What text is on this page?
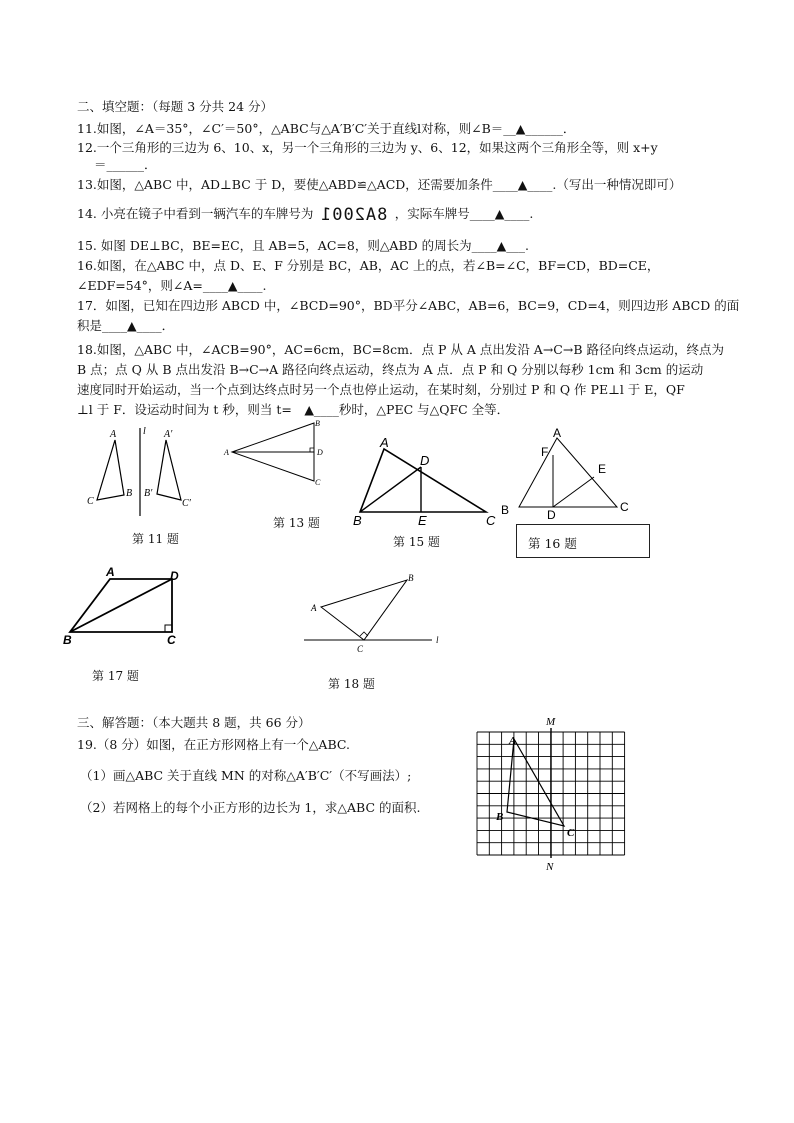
二、填空题：（每题 3 分共 24 分）
11.如图，∠A＝35°，∠C′＝50°，△ABC与△A′B′C′关于直线l对称，则∠B＝__▲______．
12.一个三角形的三边为 6、10、x，另一个三角形的三边为 y、6、12，如果这两个三角形全等，则 x+y
＝______．
13.如图，△ABC 中，AD⊥BC 于 D，要使△ABD≌△ACD，还需要加条件____▲____.（写出一种情况即可）
14. 小亮在镜子中看到一辆汽车的车牌号为 8A2001 ，实际车牌号____▲____.
15. 如图 DE⊥BC，BE=EC，且 AB=5，AC=8，则△ABD 的周长为____▲___.
16.如图，在△ABC 中，点 D、E、F 分别是 BC，AB，AC 上的点，若∠B=∠C，BF=CD，BD=CE，
∠EDF=54°，则∠A=____▲____.
17．如图，已知在四边形 ABCD 中，∠BCD=90°，BD平分∠ABC，AB=6，BC=9，CD=4，则四边形 ABCD 的面
积是____▲____．
18.如图，△ABC 中，∠ACB=90°，AC=6cm，BC=8cm．点 P 从 A 点出发沿 A→C→B 路径向终点运动，终点为
B 点；点 Q 从 B 点出发沿 B→C→A 路径向终点运动，终点为 A 点．点 P 和 Q 分别以每秒 1cm 和 3cm 的运动
速度同时开始运动，当一个点到达终点时另一个点也停止运动，在某时刻，分别过 P 和 Q 作 PE⊥l 于 E，QF
⊥l 于 F．设运动时间为 t 秒，则当 t=　▲____秒时，△PEC 与△QFC 全等．
A
C
B
l A′
B′
C′
第 11 题
A
B
D
C
第 13 题
A
D
B	E	C
第 15 题
A
F
E
B	D
C
第 16 题
A	D
B	C
第 17 题
A
B
C
l
第 18 题
三、解答题：（本大题共 8 题，共 66 分）
19.（8 分）如图，在正方形网格上有一个△ABC.
（1）画△ABC 关于直线 MN 的对称△A′B′C′（不写画法）;
（2）若网格上的每个小正方形的边长为 1，求△ABC 的面积.
M
N
A
B
C
